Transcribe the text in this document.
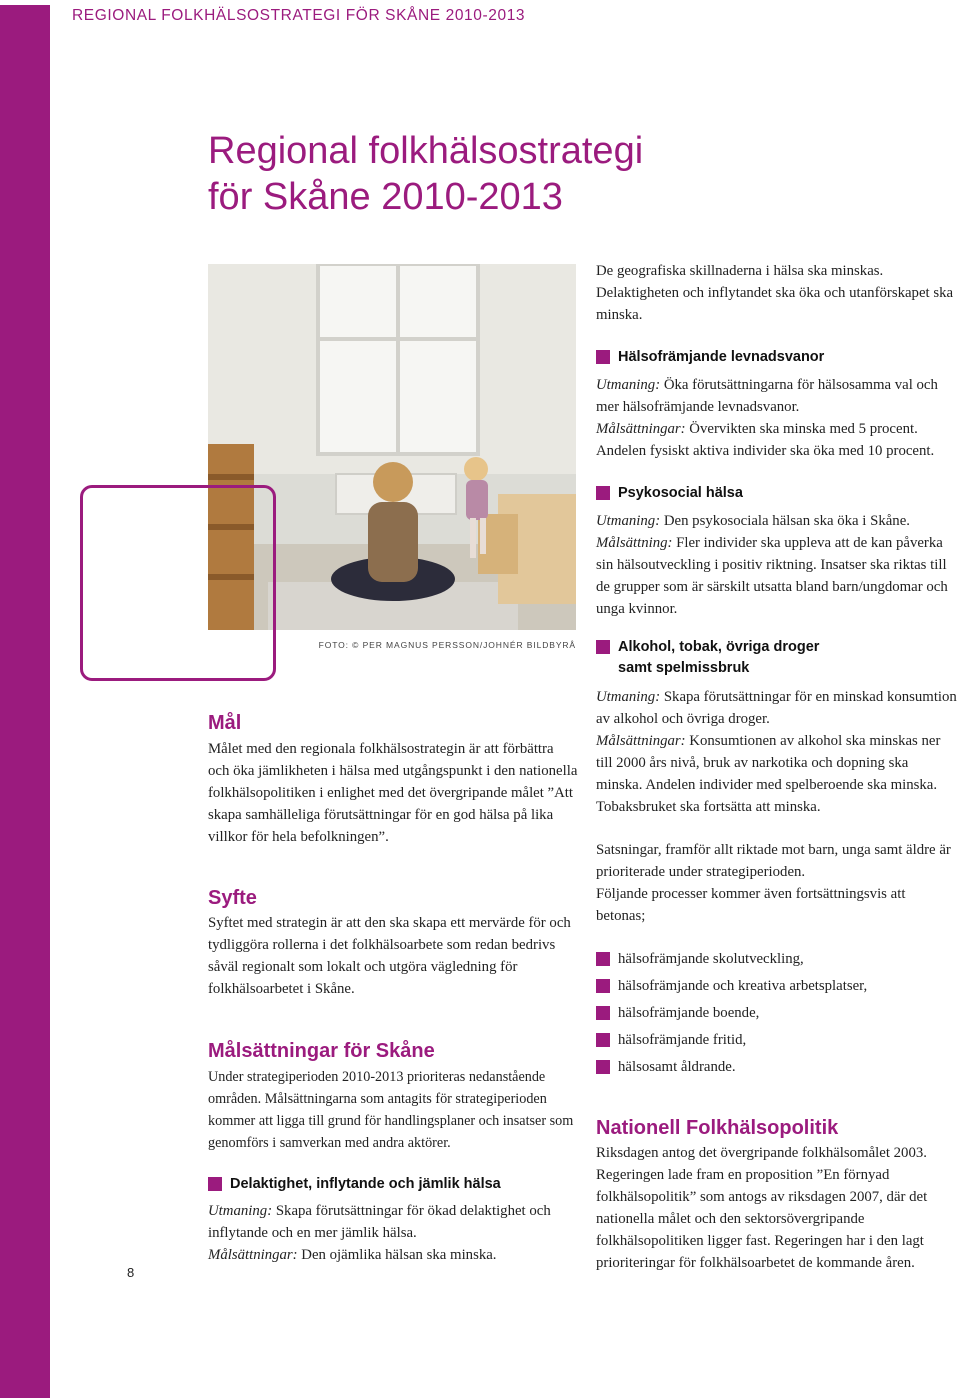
REGIONAL FOLKHÄLSOSTRATEGI FÖR SKÅNE 2010-2013
Regional folkhälsostrategi
för Skåne 2010-2013
FOTO: © PER MAGNUS PERSSON/JOHNÉR BILDBYRÅ
Mål

Målet med den regionala folkhälsostrategin är att förbättra och öka jämlikheten i hälsa med utgångspunkt i den nationella folkhälsopolitiken i enlighet med det övergripande målet ”Att skapa samhälleliga förutsättningar för en god hälsa på lika villkor för hela befolkningen”.

Syfte

Syftet med strategin är att den ska skapa ett mervärde för och tydliggöra rollerna i det folkhälsoarbete som redan bedrivs såväl regionalt som lokalt och utgöra vägledning för folkhälsoarbetet i Skåne.

Målsättningar för Skåne

Under strategiperioden 2010-2013 prioriteras nedanstående områden. Målsättningarna som antagits för strategiperioden kommer att ligga till grund för handlingsplaner och insatser som genomförs i samverkan med andra aktörer.

Delaktighet, inflytande och jämlik hälsa

Utmaning: Skapa förutsättningar för ökad delaktighet och inflytande och en mer jämlik hälsa.

Målsättningar: Den ojämlika hälsan ska minska.

8

De geografiska skillnaderna i hälsa ska minskas. Delaktigheten och inflytandet ska öka och utanförskapet ska minska.

Hälsofrämjande levnadsvanor

Utmaning: Öka förutsättningarna för hälsosamma val och mer hälsofrämjande levnadsvanor.

Målsättningar: Övervikten ska minska med 5 procent. Andelen fysiskt aktiva individer ska öka med 10 procent.

Psykosocial hälsa

Utmaning: Den psykosociala hälsan ska öka i Skåne.

Målsättning: Fler individer ska uppleva att de kan påverka sin hälsoutveckling i positiv riktning. Insatser ska riktas till de grupper som är särskilt utsatta bland barn/ungdomar och unga kvinnor.

Alkohol, tobak, övriga droger
samt spelmissbruk

Utmaning: Skapa förutsättningar för en minskad konsumtion av alkohol och övriga droger.

Målsättningar: Konsumtionen av alkohol ska minskas ner till 2000 års nivå, bruk av narkotika och dopning ska minska. Andelen individer med spelberoende ska minska. Tobaksbruket ska fortsätta att minska.

Satsningar, framför allt riktade mot barn, unga samt äldre är prioriterade under strategiperioden.

Följande processer kommer även fortsättningsvis att betonas;

hälsofrämjande skolutveckling,
hälsofrämjande och kreativa arbetsplatser,
hälsofrämjande boende,
hälsofrämjande fritid,
hälsosamt åldrande.
Nationell Folkhälsopolitik

Riksdagen antog det övergripande folkhälsomålet 2003. Regeringen lade fram en proposition ”En förnyad folkhälsopolitik” som antogs av riksdagen 2007, där det nationella målet och den sektorsövergripande folkhälsopolitiken ligger fast. Regeringen har i den lagt prioriteringar för folkhälsoarbetet de kommande åren.
